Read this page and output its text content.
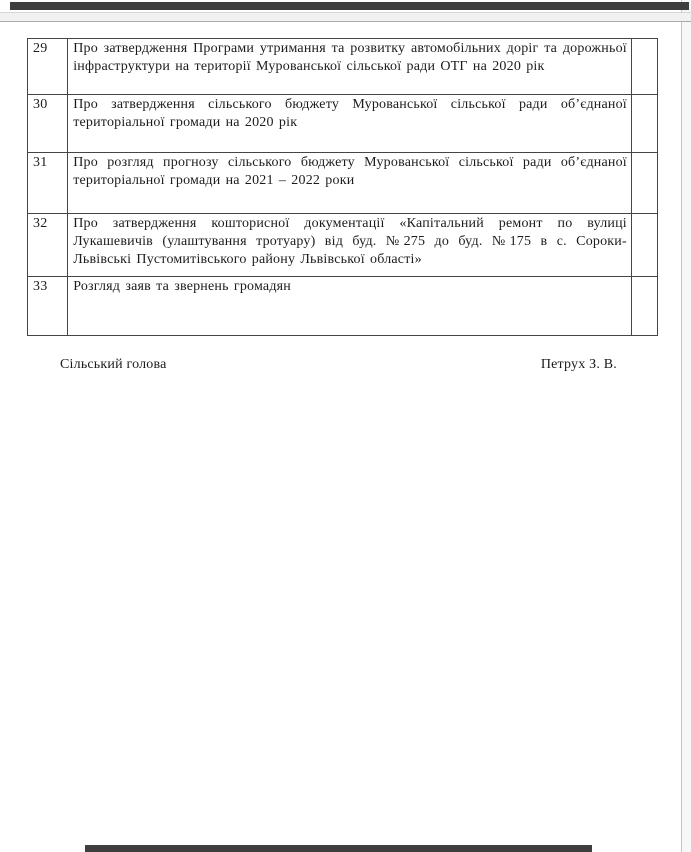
29	Про затвердження Програми утримання та розвитку автомобільних доріг та дорожньої інфраструктури на території Мурованської сільської ради ОТГ на 2020 рік	
30	Про затвердження сільського бюджету Мурованської сільської ради об’єднаної територіальної громади на 2020 рік	
31	Про розгляд прогнозу сільського бюджету Мурованської сільської ради об’єднаної територіальної громади на 2021 – 2022 роки	
32	Про затвердження кошторисної документації «Капітальний ремонт по вулиці Лукашевичів (улаштування тротуару) від буд. №275 до буд. №175 в с. Сороки-Львівські Пустомитівського району Львівської області»	
33	Розгляд заяв та звернень громадян	
Сільський голова	Петрух З. В.
